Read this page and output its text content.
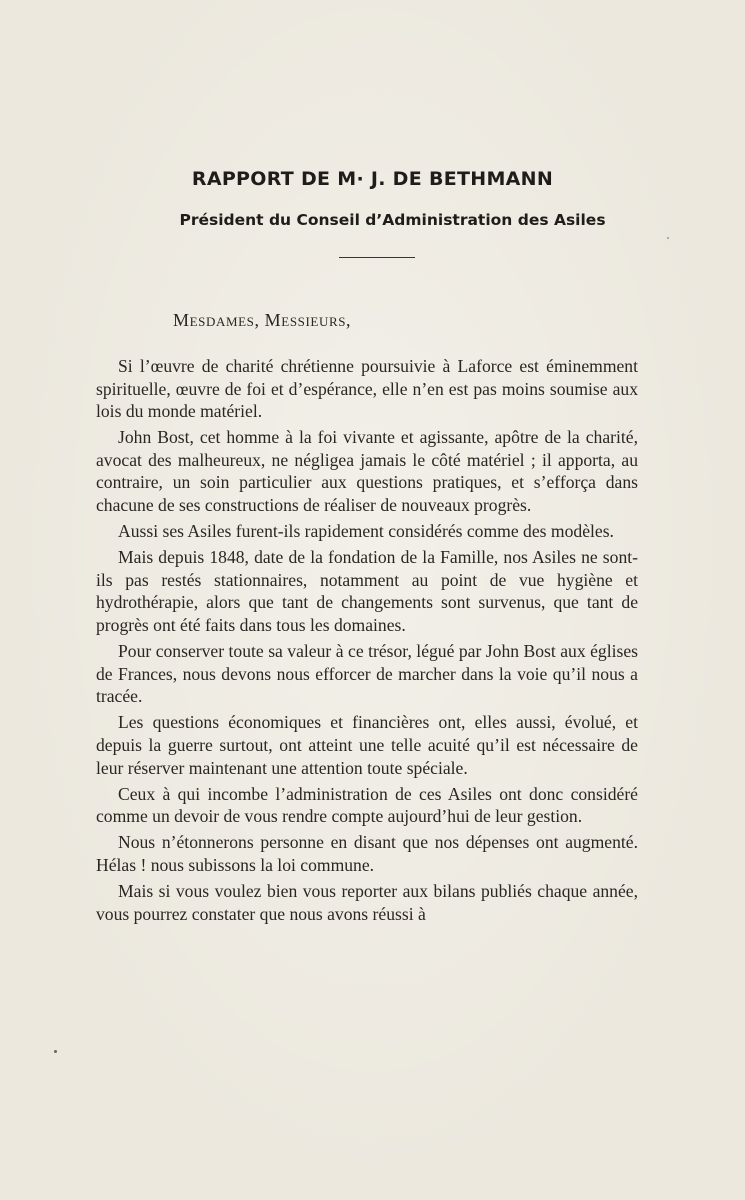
RAPPORT DE M· J. DE BETHMANN
Président du Conseil d’Administration des Asiles
Mesdames, Messieurs,

Si l’œuvre de charité chrétienne poursuivie à Laforce est éminemment spirituelle, œuvre de foi et d’espérance, elle n’en est pas moins soumise aux lois du monde matériel.

John Bost, cet homme à la foi vivante et agissante, apôtre de la charité, avocat des malheureux, ne négligea jamais le côté matériel ; il apporta, au contraire, un soin particulier aux questions pratiques, et s’efforça dans chacune de ses constructions de réaliser de nouveaux progrès.

Aussi ses Asiles furent-ils rapidement considérés comme des modèles.

Mais depuis 1848, date de la fondation de la Famille, nos Asiles ne sont-ils pas restés stationnaires, notamment au point de vue hygiène et hydrothérapie, alors que tant de changements sont survenus, que tant de progrès ont été faits dans tous les domaines.

Pour conserver toute sa valeur à ce trésor, légué par John Bost aux églises de Frances, nous devons nous efforcer de marcher dans la voie qu’il nous a tracée.

Les questions économiques et financières ont, elles aussi, évolué, et depuis la guerre surtout, ont atteint une telle acuité qu’il est nécessaire de leur réserver maintenant une attention toute spéciale.

Ceux à qui incombe l’administration de ces Asiles ont donc considéré comme un devoir de vous rendre compte aujourd’hui de leur gestion.

Nous n’étonnerons personne en disant que nos dépenses ont augmenté. Hélas ! nous subissons la loi commune.

Mais si vous voulez bien vous reporter aux bilans publiés chaque année, vous pourrez constater que nous avons réussi à
